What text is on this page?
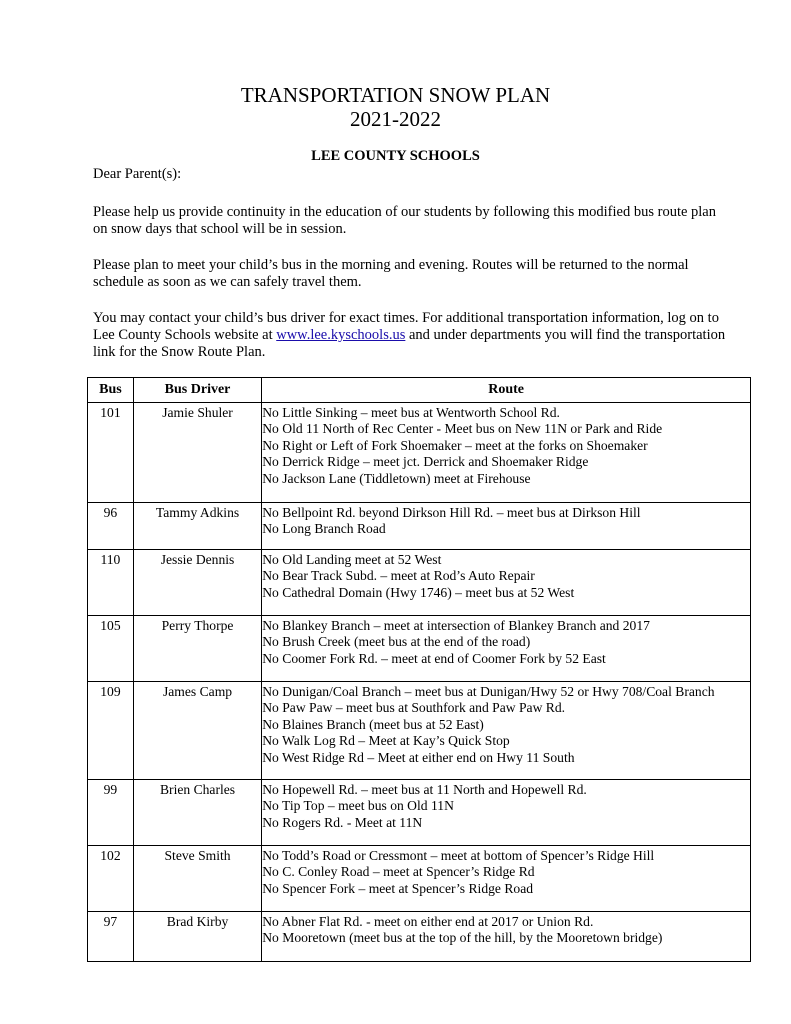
TRANSPORTATION SNOW PLAN
2021-2022
LEE COUNTY SCHOOLS
Dear Parent(s):
Please help us provide continuity in the education of our students by following this modified bus route plan on snow days that school will be in session.
Please plan to meet your child’s bus in the morning and evening. Routes will be returned to the normal schedule as soon as we can safely travel them.
You may contact your child’s bus driver for exact times. For additional transportation information, log on to Lee County Schools website at www.lee.kyschools.us and under departments you will find the transportation link for the Snow Route Plan.
Bus	Bus Driver	Route
101	Jamie Shuler	No Little Sinking – meet bus at Wentworth School Rd.
No Old 11 North of Rec Center - Meet bus on New 11N or Park and Ride
No Right or Left of Fork Shoemaker – meet at the forks on Shoemaker
No Derrick Ridge – meet jct. Derrick and Shoemaker Ridge
No Jackson Lane (Tiddletown) meet at Firehouse

96	Tammy Adkins	No Bellpoint Rd. beyond Dirkson Hill Rd. – meet bus at Dirkson Hill
No Long Branch Road

110	Jessie Dennis	No Old Landing meet at 52 West
No Bear Track Subd. – meet at Rod’s Auto Repair
No Cathedral Domain (Hwy 1746) – meet bus at 52 West

105	Perry Thorpe	No Blankey Branch – meet at intersection of Blankey Branch and 2017
No Brush Creek (meet bus at the end of the road)
No Coomer Fork Rd. – meet at end of Coomer Fork by 52 East

109	James Camp	No Dunigan/Coal Branch – meet bus at Dunigan/Hwy 52 or Hwy 708/Coal Branch
No Paw Paw – meet bus at Southfork and Paw Paw Rd.
No Blaines Branch (meet bus at 52 East)
No Walk Log Rd – Meet at Kay’s Quick Stop
No West Ridge Rd – Meet at either end on Hwy 11 South

99	Brien Charles	No Hopewell Rd. – meet bus at 11 North and Hopewell Rd.
No Tip Top – meet bus on Old 11N
No Rogers Rd. - Meet at 11N

102	Steve Smith	No Todd’s Road or Cressmont – meet at bottom of Spencer’s Ridge Hill
No C. Conley Road – meet at Spencer’s Ridge Rd
No Spencer Fork – meet at Spencer’s Ridge Road

97	Brad Kirby	No Abner Flat Rd. - meet on either end at 2017 or Union Rd.
No Mooretown (meet bus at the top of the hill, by the Mooretown bridge)
